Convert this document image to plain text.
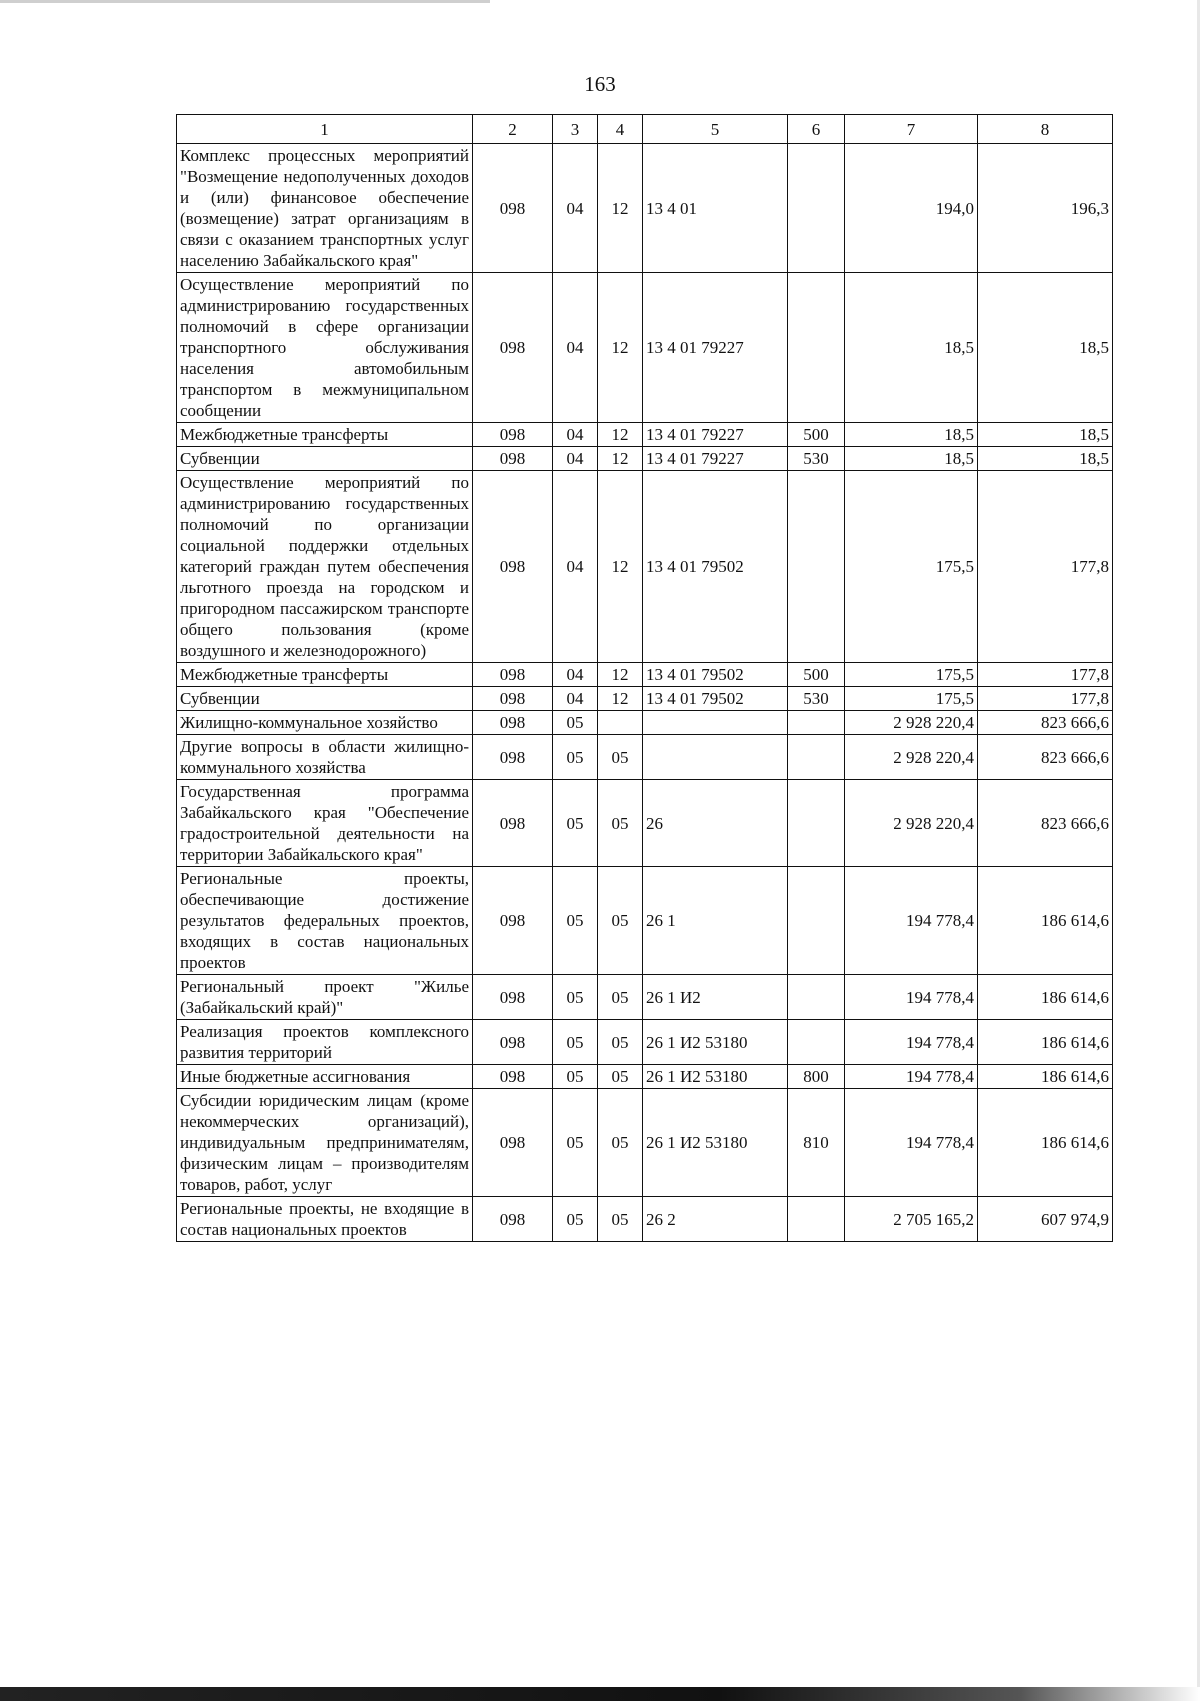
163
1	2	3	4	5	6	7	8
Комплекс процессных мероприятий "Возмещение недополученных доходов и (или) финансовое обеспечение (возмещение) затрат организациям в связи с оказанием транспортных услуг населению Забайкальского края"	098	04	12	13 4 01		194,0	196,3
Осуществление мероприятий по администрированию государственных полномочий в сфере организации транспортного обслуживания населения автомобильным транспортом в межмуниципальном сообщении	098	04	12	13 4 01 79227		18,5	18,5
Межбюджетные трансферты	098	04	12	13 4 01 79227	500	18,5	18,5
Субвенции	098	04	12	13 4 01 79227	530	18,5	18,5
Осуществление мероприятий по администрированию государственных полномочий по организации социальной поддержки отдельных категорий граждан путем обеспечения льготного проезда на городском и пригородном пассажирском транспорте общего пользования (кроме воздушного и железнодорожного)	098	04	12	13 4 01 79502		175,5	177,8
Межбюджетные трансферты	098	04	12	13 4 01 79502	500	175,5	177,8
Субвенции	098	04	12	13 4 01 79502	530	175,5	177,8
Жилищно-коммунальное хозяйство	098	05				2 928 220,4	823 666,6
Другие вопросы в области жилищно-коммунального хозяйства	098	05	05			2 928 220,4	823 666,6
Государственная программа Забайкальского края "Обеспечение градостроительной деятельности на территории Забайкальского края"	098	05	05	26		2 928 220,4	823 666,6
Региональные проекты, обеспечивающие достижение результатов федеральных проектов, входящих в состав национальных проектов	098	05	05	26 1		194 778,4	186 614,6
Региональный проект "Жилье (Забайкальский край)"	098	05	05	26 1 И2		194 778,4	186 614,6
Реализация проектов комплексного развития территорий	098	05	05	26 1 И2 53180		194 778,4	186 614,6
Иные бюджетные ассигнования	098	05	05	26 1 И2 53180	800	194 778,4	186 614,6
Субсидии юридическим лицам (кроме некоммерческих организаций), индивидуальным предпринимателям, физическим лицам – производителям товаров, работ, услуг	098	05	05	26 1 И2 53180	810	194 778,4	186 614,6
Региональные проекты, не входящие в состав национальных проектов	098	05	05	26 2		2 705 165,2	607 974,9
